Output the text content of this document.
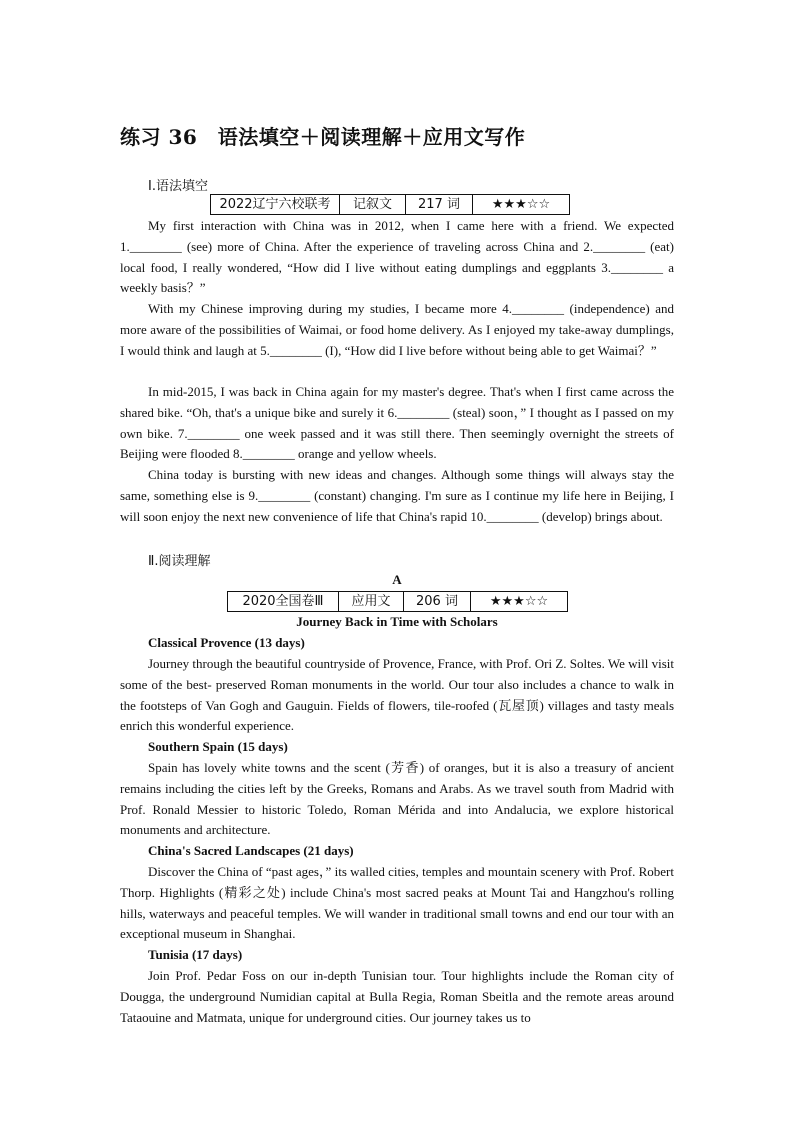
练习 36　语法填空＋阅读理解＋应用文写作
Ⅰ.语法填空
2022辽宁六校联考	记叙文	217 词	★★★☆☆

My first interaction with China was in 2012, when I came here with a friend. We expected 1.________ (see) more of China. After the experience of traveling across China and 2.________ (eat) local food, I really wondered, “How did I live without eating dumplings and eggplants 3.________ a weekly basis？”

With my Chinese improving during my studies, I became more 4.________ (independence) and more aware of the possibilities of Waimai, or food home delivery. As I enjoyed my take-away dumplings, I would think and laugh at 5.________ (I), “How did I live before without being able to get Waimai？”

In mid-2015, I was back in China again for my master's degree. That's when I first came across the shared bike. “Oh, that's a unique bike and surely it 6.________ (steal) soon，” I thought as I passed on my own bike. 7.________ one week passed and it was still there. Then seemingly overnight the streets of Beijing were flooded 8.________ orange and yellow wheels.

China today is bursting with new ideas and changes. Although some things will always stay the same, something else is 9.________ (constant) changing. I'm sure as I continue my life here in Beijing, I will soon enjoy the next new convenience of life that China's rapid 10.________ (develop) brings about.

Ⅱ.阅读理解
A
2020全国卷Ⅲ	应用文	206 词	★★★☆☆
Journey Back in Time with Scholars

Classical Provence (13 days)

Journey through the beautiful countryside of Provence, France, with Prof. Ori Z. Soltes. We will visit some of the best- preserved Roman monuments in the world. Our tour also includes a chance to walk in the footsteps of Van Gogh and Gauguin. Fields of flowers, tile-roofed (瓦屋顶) villages and tasty meals enrich this wonderful experience.

Southern Spain (15 days)

Spain has lovely white towns and the scent (芳香) of oranges, but it is also a treasury of ancient remains including the cities left by the Greeks, Romans and Arabs. As we travel south from Madrid with Prof. Ronald Messier to historic Toledo, Roman Mérida and into Andalucia, we explore historical monuments and architecture.

China's Sacred Landscapes (21 days)

Discover the China of “past ages，” its walled cities, temples and mountain scenery with Prof. Robert Thorp. Highlights (精彩之处) include China's most sacred peaks at Mount Tai and Hangzhou's rolling hills, waterways and peaceful temples. We will wander in traditional small towns and end our tour with an exceptional museum in Shanghai.

Tunisia (17 days)

Join Prof. Pedar Foss on our in-depth Tunisian tour. Tour highlights include the Roman city of Dougga, the underground Numidian capital at Bulla Regia, Roman Sbeitla and the remote areas around Tataouine and Matmata, unique for underground cities. Our journey takes us to
